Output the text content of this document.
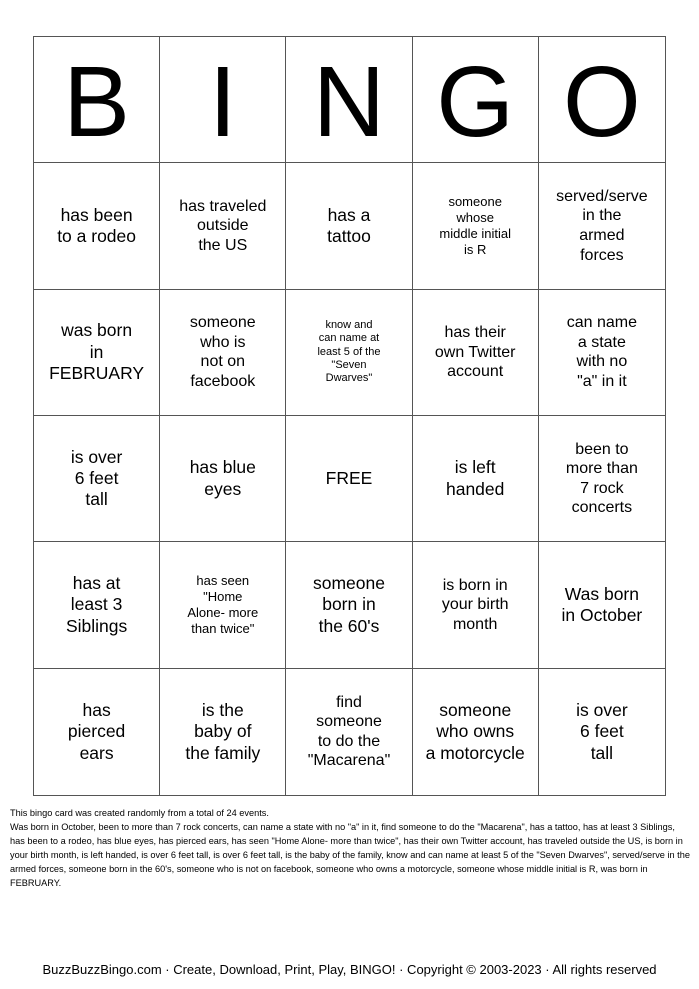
B I N G O
has been
to a rodeo
has traveled
outside
the US
has a
tattoo
someone
whose
middle initial
is R
served/serve
in the
armed
forces
was born
in
FEBRUARY
someone
who is
not on
facebook
know and
can name at
least 5 of the
"Seven
Dwarves"
has their
own Twitter
account
can name
a state
with no
"a" in it
is over
6 feet
tall
has blue
eyes
FREE
is left
handed
been to
more than
7 rock
concerts
has at
least 3
Siblings
has seen
"Home
Alone- more
than twice"
someone
born in
the 60's
is born in
your birth
month
Was born
in October
has
pierced
ears
is the
baby of
the family
find
someone
to do the
"Macarena"
someone
who owns
a motorcycle
is over
6 feet
tall
This bingo card was created randomly from a total of 24 events.
Was born in October, been to more than 7 rock concerts, can name a state with no "a" in it, find someone to do the "Macarena", has a tattoo, has at least 3 Siblings, has been to a rodeo, has blue eyes, has pierced ears, has seen "Home Alone- more than twice", has their own Twitter account, has traveled outside the US, is born in your birth month, is left handed, is over 6 feet tall, is over 6 feet tall, is the baby of the family, know and can name at least 5 of the "Seven Dwarves", served/serve in the armed forces, someone born in the 60's, someone who is not on facebook, someone who owns a motorcycle, someone whose middle initial is R, was born in FEBRUARY.
BuzzBuzzBingo.com · Create, Download, Print, Play, BINGO! · Copyright © 2003-2023 · All rights reserved
